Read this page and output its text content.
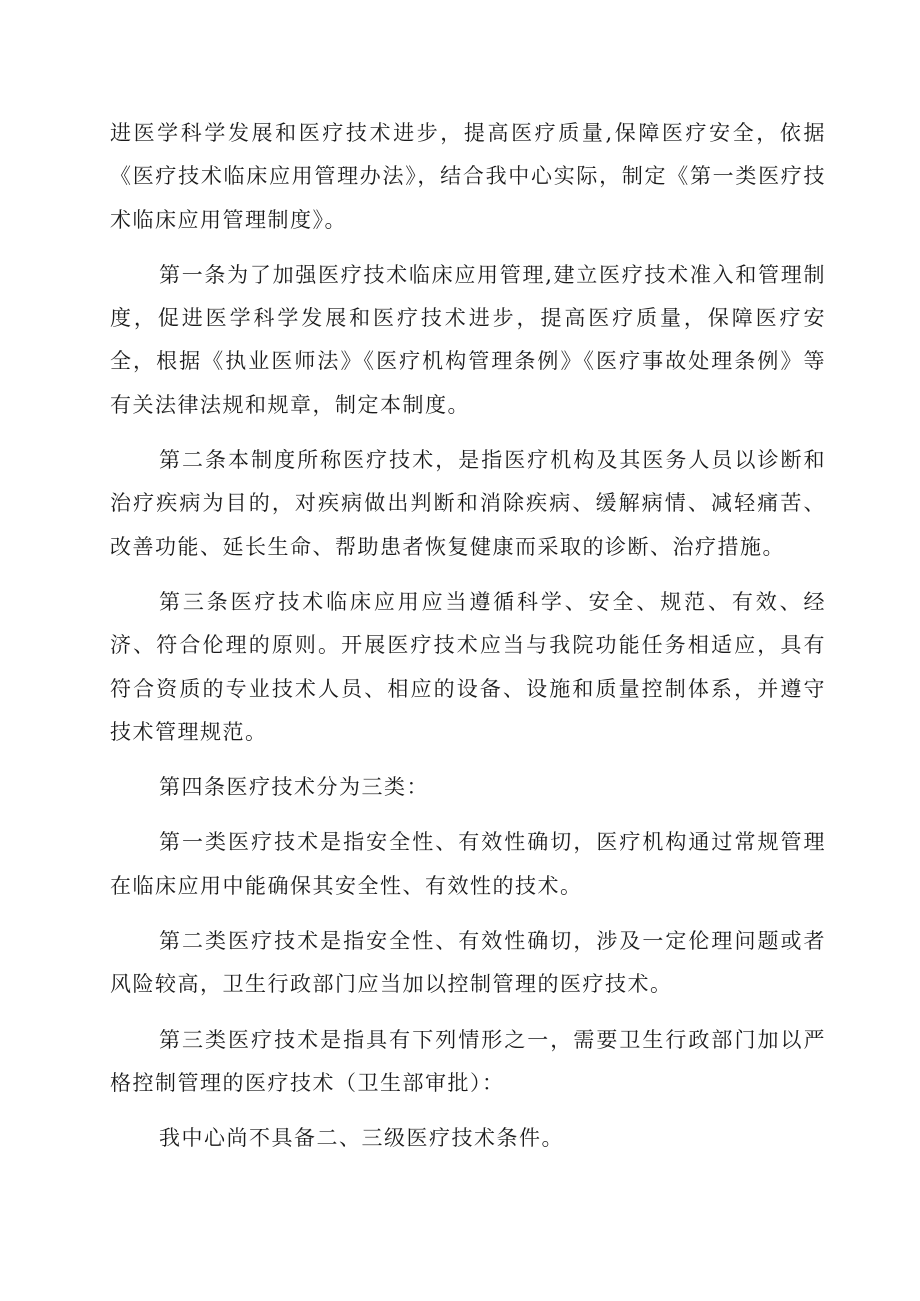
进医学科学发展和医疗技术进步，提高医疗质量,保障医疗安全，依据《医疗技术临床应用管理办法》，结合我中心实际，制定《第一类医疗技术临床应用管理制度》。

第一条为了加强医疗技术临床应用管理,建立医疗技术准入和管理制度，促进医学科学发展和医疗技术进步，提高医疗质量，保障医疗安全，根据《执业医师法》《医疗机构管理条例》《医疗事故处理条例》等有关法律法规和规章，制定本制度。

第二条本制度所称医疗技术，是指医疗机构及其医务人员以诊断和治疗疾病为目的，对疾病做出判断和消除疾病、缓解病情、减轻痛苦、改善功能、延长生命、帮助患者恢复健康而采取的诊断、治疗措施。

第三条医疗技术临床应用应当遵循科学、安全、规范、有效、经济、符合伦理的原则。开展医疗技术应当与我院功能任务相适应，具有符合资质的专业技术人员、相应的设备、设施和质量控制体系，并遵守技术管理规范。

第四条医疗技术分为三类：

第一类医疗技术是指安全性、有效性确切，医疗机构通过常规管理在临床应用中能确保其安全性、有效性的技术。

第二类医疗技术是指安全性、有效性确切，涉及一定伦理问题或者风险较高，卫生行政部门应当加以控制管理的医疗技术。

第三类医疗技术是指具有下列情形之一，需要卫生行政部门加以严格控制管理的医疗技术（卫生部审批）：

我中心尚不具备二、三级医疗技术条件。
